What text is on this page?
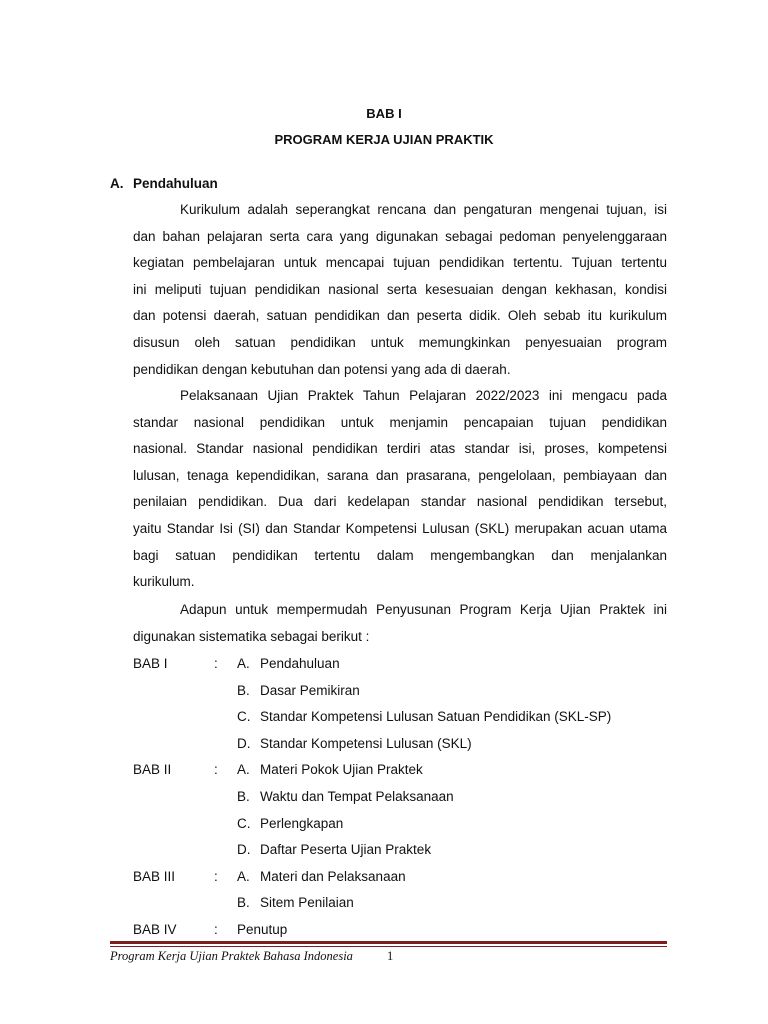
BAB I
PROGRAM KERJA UJIAN PRAKTIK
A. Pendahuluan

Kurikulum adalah seperangkat rencana dan pengaturan mengenai tujuan, isi
dan bahan pelajaran serta cara yang digunakan sebagai pedoman penyelenggaraan
kegiatan pembelajaran untuk mencapai tujuan pendidikan tertentu. Tujuan tertentu
ini meliputi tujuan pendidikan nasional serta kesesuaian dengan kekhasan, kondisi
dan potensi daerah, satuan pendidikan dan peserta didik. Oleh sebab itu kurikulum
disusun oleh satuan pendidikan untuk memungkinkan penyesuaian program
pendidikan dengan kebutuhan dan potensi yang ada di daerah.

Pelaksanaan Ujian Praktek Tahun Pelajaran 2022/2023 ini mengacu pada
standar nasional pendidikan untuk menjamin pencapaian tujuan pendidikan
nasional. Standar nasional pendidikan terdiri atas standar isi, proses, kompetensi
lulusan, tenaga kependidikan, sarana dan prasarana, pengelolaan, pembiayaan dan
penilaian pendidikan. Dua dari kedelapan standar nasional pendidikan tersebut,
yaitu Standar Isi (SI) dan Standar Kompetensi Lulusan (SKL) merupakan acuan utama
bagi satuan pendidikan tertentu dalam mengembangkan dan menjalankan
kurikulum.

Adapun untuk mempermudah Penyusunan Program Kerja Ujian Praktek ini
digunakan sistematika sebagai berikut :

BAB I	: A. Pendahuluan
B. Dasar Pemikiran
C. Standar Kompetensi Lulusan Satuan Pendidikan (SKL-SP)
D. Standar Kompetensi Lulusan (SKL)
BAB II	: A. Materi Pokok Ujian Praktek
B. Waktu dan Tempat Pelaksanaan
C. Perlengkapan
D. Daftar Peserta Ujian Praktek
BAB III	: A. Materi dan Pelaksanaan
B. Sitem Penilaian
BAB IV	: Penutup
Program Kerja Ujian Praktek Bahasa Indonesia	1
